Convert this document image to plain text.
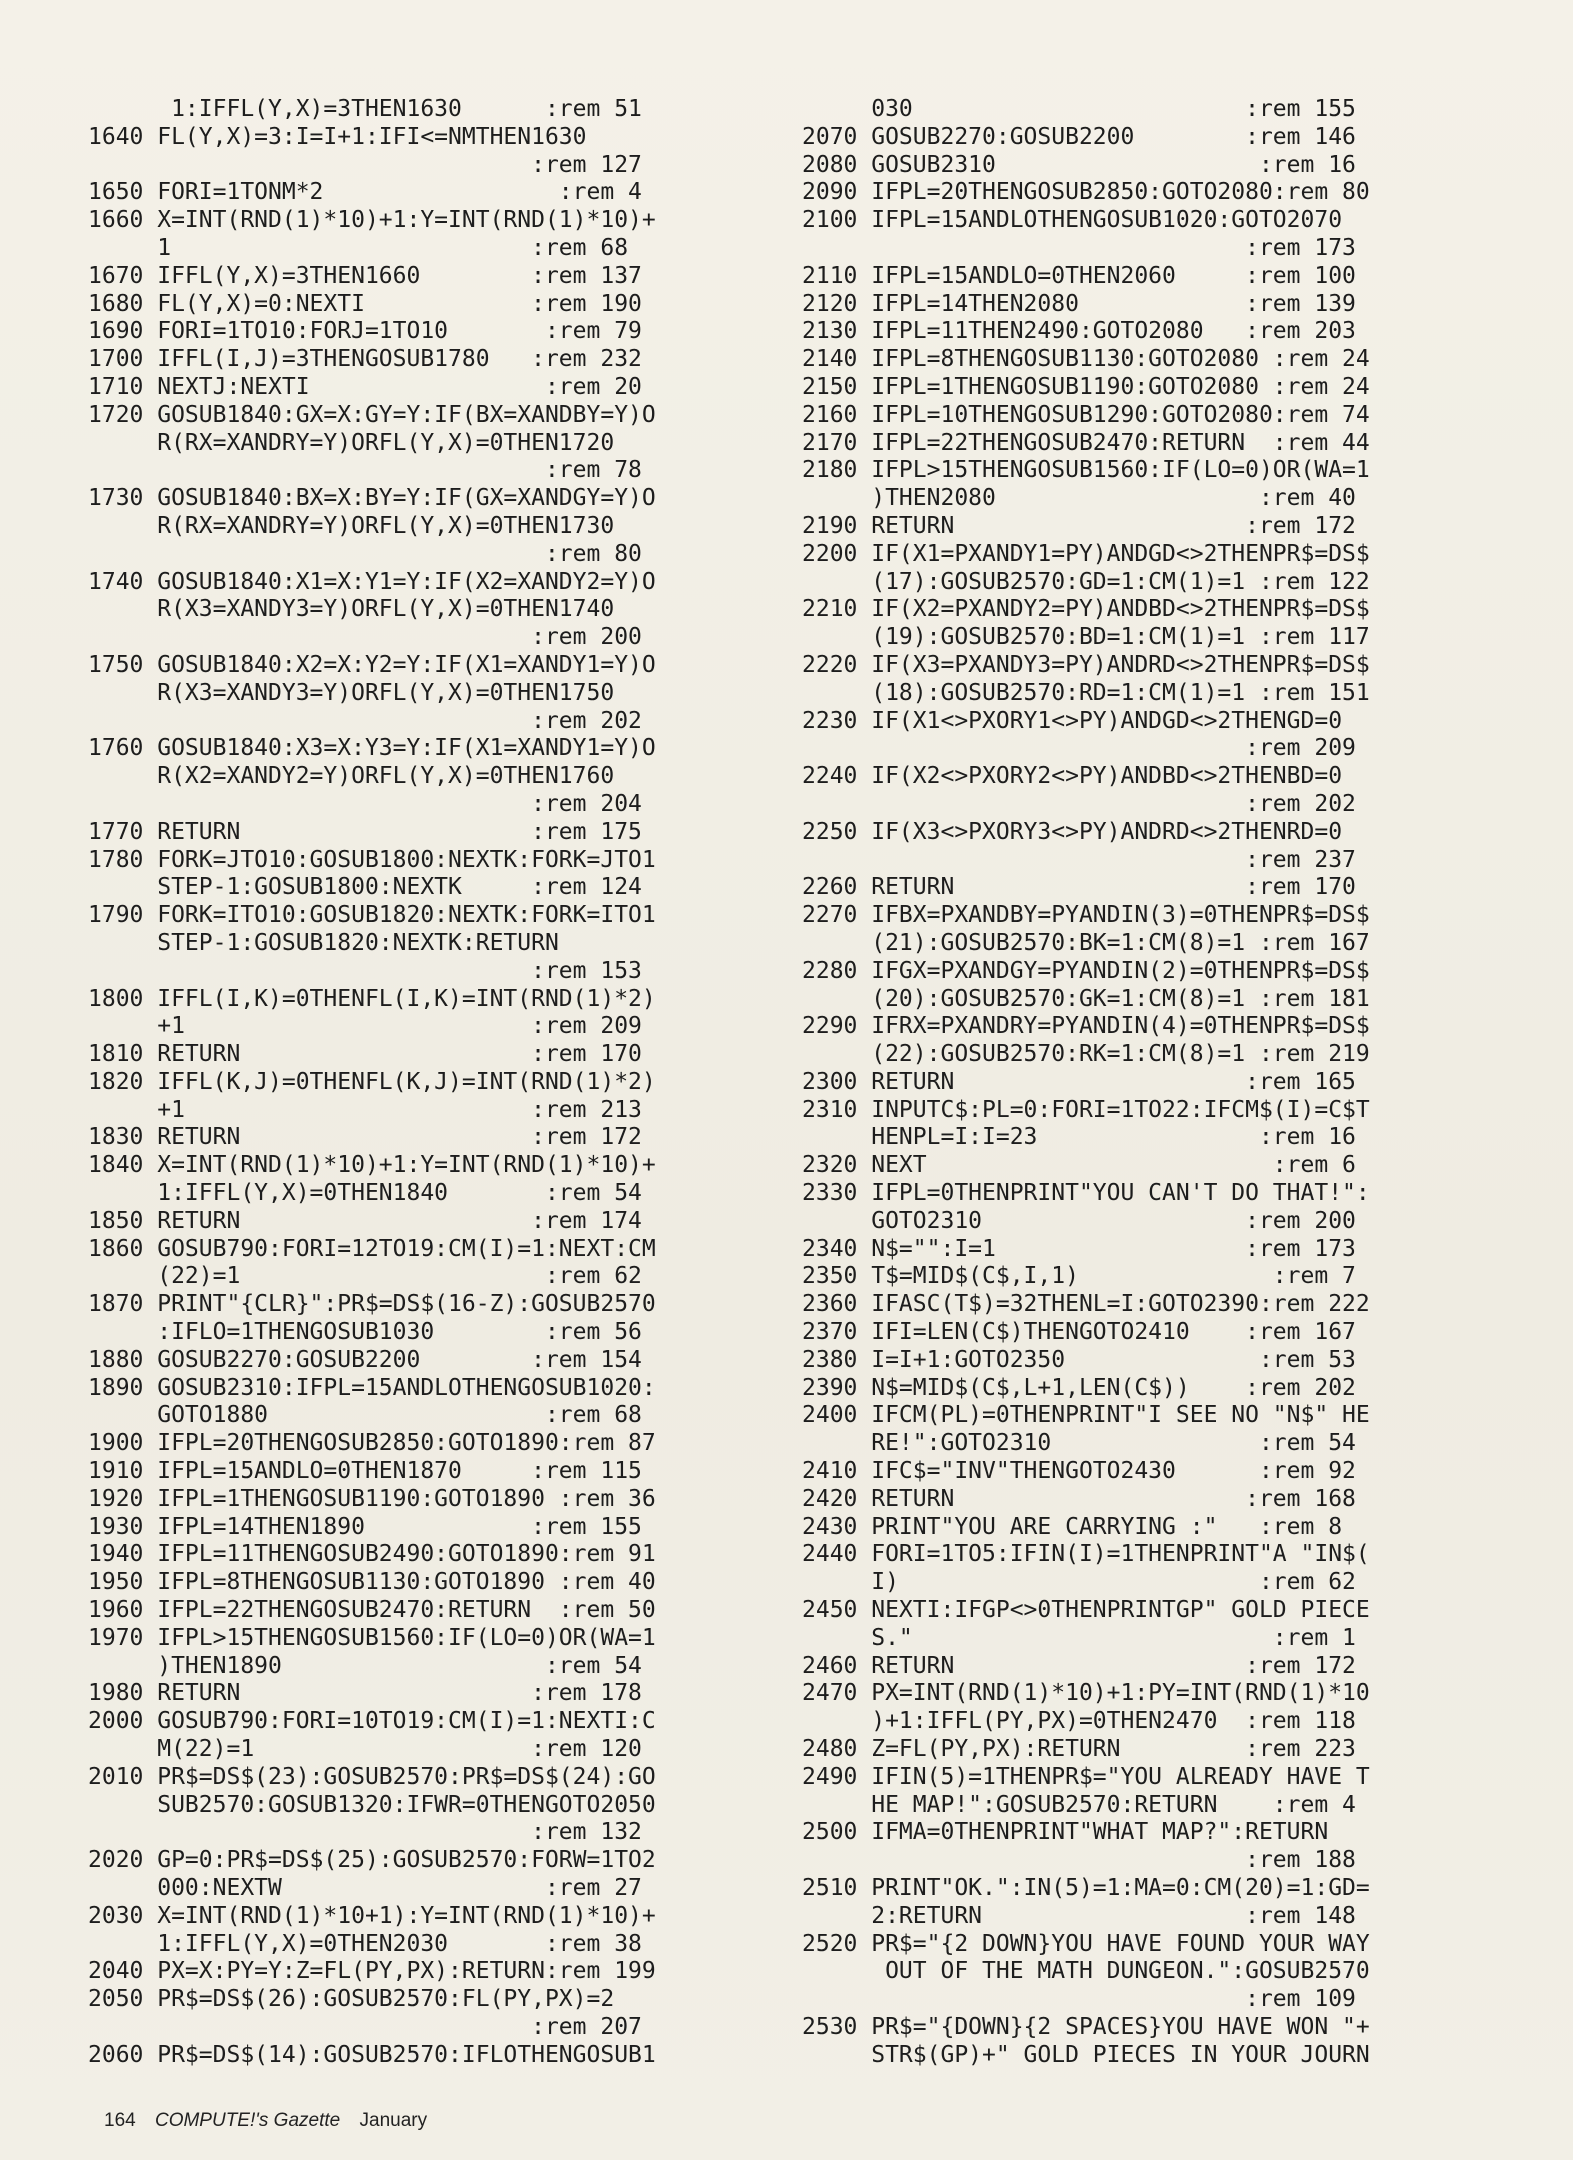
1:IFFL(Y,X)=3THEN1630      :rem 51
1640 FL(Y,X)=3:I=I+1:IFI<=NMTHEN1630
:rem 127
1650 FORI=1TONM*2                 :rem 4
1660 X=INT(RND(1)*10)+1:Y=INT(RND(1)*10)+
1                          :rem 68
1670 IFFL(Y,X)=3THEN1660        :rem 137
1680 FL(Y,X)=0:NEXTI            :rem 190
1690 FORI=1TO10:FORJ=1TO10       :rem 79
1700 IFFL(I,J)=3THENGOSUB1780   :rem 232
1710 NEXTJ:NEXTI                 :rem 20
1720 GOSUB1840:GX=X:GY=Y:IF(BX=XANDBY=Y)O
R(RX=XANDRY=Y)ORFL(Y,X)=0THEN1720
:rem 78
1730 GOSUB1840:BX=X:BY=Y:IF(GX=XANDGY=Y)O
R(RX=XANDRY=Y)ORFL(Y,X)=0THEN1730
:rem 80
1740 GOSUB1840:X1=X:Y1=Y:IF(X2=XANDY2=Y)O
R(X3=XANDY3=Y)ORFL(Y,X)=0THEN1740
:rem 200
1750 GOSUB1840:X2=X:Y2=Y:IF(X1=XANDY1=Y)O
R(X3=XANDY3=Y)ORFL(Y,X)=0THEN1750
:rem 202
1760 GOSUB1840:X3=X:Y3=Y:IF(X1=XANDY1=Y)O
R(X2=XANDY2=Y)ORFL(Y,X)=0THEN1760
:rem 204
1770 RETURN                     :rem 175
1780 FORK=JTO10:GOSUB1800:NEXTK:FORK=JTO1
STEP-1:GOSUB1800:NEXTK     :rem 124
1790 FORK=ITO10:GOSUB1820:NEXTK:FORK=ITO1
STEP-1:GOSUB1820:NEXTK:RETURN
:rem 153
1800 IFFL(I,K)=0THENFL(I,K)=INT(RND(1)*2)
+1                         :rem 209
1810 RETURN                     :rem 170
1820 IFFL(K,J)=0THENFL(K,J)=INT(RND(1)*2)
+1                         :rem 213
1830 RETURN                     :rem 172
1840 X=INT(RND(1)*10)+1:Y=INT(RND(1)*10)+
1:IFFL(Y,X)=0THEN1840       :rem 54
1850 RETURN                     :rem 174
1860 GOSUB790:FORI=12TO19:CM(I)=1:NEXT:CM
(22)=1                      :rem 62
1870 PRINT"{CLR}":PR$=DS$(16-Z):GOSUB2570
:IFLO=1THENGOSUB1030        :rem 56
1880 GOSUB2270:GOSUB2200        :rem 154
1890 GOSUB2310:IFPL=15ANDLOTHENGOSUB1020:
GOTO1880                    :rem 68
1900 IFPL=20THENGOSUB2850:GOTO1890:rem 87
1910 IFPL=15ANDLO=0THEN1870     :rem 115
1920 IFPL=1THENGOSUB1190:GOTO1890 :rem 36
1930 IFPL=14THEN1890            :rem 155
1940 IFPL=11THENGOSUB2490:GOTO1890:rem 91
1950 IFPL=8THENGOSUB1130:GOTO1890 :rem 40
1960 IFPL=22THENGOSUB2470:RETURN  :rem 50
1970 IFPL>15THENGOSUB1560:IF(LO=0)OR(WA=1
)THEN1890                   :rem 54
1980 RETURN                     :rem 178
2000 GOSUB790:FORI=10TO19:CM(I)=1:NEXTI:C
M(22)=1                    :rem 120
2010 PR$=DS$(23):GOSUB2570:PR$=DS$(24):GO
SUB2570:GOSUB1320:IFWR=0THENGOTO2050
:rem 132
2020 GP=0:PR$=DS$(25):GOSUB2570:FORW=1TO2
000:NEXTW                   :rem 27
2030 X=INT(RND(1)*10+1):Y=INT(RND(1)*10)+
1:IFFL(Y,X)=0THEN2030       :rem 38
2040 PX=X:PY=Y:Z=FL(PY,PX):RETURN:rem 199
2050 PR$=DS$(26):GOSUB2570:FL(PY,PX)=2
:rem 207
2060 PR$=DS$(14):GOSUB2570:IFLOTHENGOSUB1
030                        :rem 155
2070 GOSUB2270:GOSUB2200        :rem 146
2080 GOSUB2310                   :rem 16
2090 IFPL=20THENGOSUB2850:GOTO2080:rem 80
2100 IFPL=15ANDLOTHENGOSUB1020:GOTO2070
:rem 173
2110 IFPL=15ANDLO=0THEN2060     :rem 100
2120 IFPL=14THEN2080            :rem 139
2130 IFPL=11THEN2490:GOTO2080   :rem 203
2140 IFPL=8THENGOSUB1130:GOTO2080 :rem 24
2150 IFPL=1THENGOSUB1190:GOTO2080 :rem 24
2160 IFPL=10THENGOSUB1290:GOTO2080:rem 74
2170 IFPL=22THENGOSUB2470:RETURN  :rem 44
2180 IFPL>15THENGOSUB1560:IF(LO=0)OR(WA=1
)THEN2080                   :rem 40
2190 RETURN                     :rem 172
2200 IF(X1=PXANDY1=PY)ANDGD<>2THENPR$=DS$
(17):GOSUB2570:GD=1:CM(1)=1 :rem 122
2210 IF(X2=PXANDY2=PY)ANDBD<>2THENPR$=DS$
(19):GOSUB2570:BD=1:CM(1)=1 :rem 117
2220 IF(X3=PXANDY3=PY)ANDRD<>2THENPR$=DS$
(18):GOSUB2570:RD=1:CM(1)=1 :rem 151
2230 IF(X1<>PXORY1<>PY)ANDGD<>2THENGD=0
:rem 209
2240 IF(X2<>PXORY2<>PY)ANDBD<>2THENBD=0
:rem 202
2250 IF(X3<>PXORY3<>PY)ANDRD<>2THENRD=0
:rem 237
2260 RETURN                     :rem 170
2270 IFBX=PXANDBY=PYANDIN(3)=0THENPR$=DS$
(21):GOSUB2570:BK=1:CM(8)=1 :rem 167
2280 IFGX=PXANDGY=PYANDIN(2)=0THENPR$=DS$
(20):GOSUB2570:GK=1:CM(8)=1 :rem 181
2290 IFRX=PXANDRY=PYANDIN(4)=0THENPR$=DS$
(22):GOSUB2570:RK=1:CM(8)=1 :rem 219
2300 RETURN                     :rem 165
2310 INPUTC$:PL=0:FORI=1TO22:IFCM$(I)=C$T
HENPL=I:I=23                :rem 16
2320 NEXT                         :rem 6
2330 IFPL=0THENPRINT"YOU CAN'T DO THAT!":
GOTO2310                   :rem 200
2340 N$="":I=1                  :rem 173
2350 T$=MID$(C$,I,1)              :rem 7
2360 IFASC(T$)=32THENL=I:GOTO2390:rem 222
2370 IFI=LEN(C$)THENGOTO2410    :rem 167
2380 I=I+1:GOTO2350              :rem 53
2390 N$=MID$(C$,L+1,LEN(C$))    :rem 202
2400 IFCM(PL)=0THENPRINT"I SEE NO "N$" HE
RE!":GOTO2310               :rem 54
2410 IFC$="INV"THENGOTO2430      :rem 92
2420 RETURN                     :rem 168
2430 PRINT"YOU ARE CARRYING :"   :rem 8
2440 FORI=1TO5:IFIN(I)=1THENPRINT"A "IN$(
I)                          :rem 62
2450 NEXTI:IFGP<>0THENPRINTGP" GOLD PIECE
S."                          :rem 1
2460 RETURN                     :rem 172
2470 PX=INT(RND(1)*10)+1:PY=INT(RND(1)*10
)+1:IFFL(PY,PX)=0THEN2470  :rem 118
2480 Z=FL(PY,PX):RETURN         :rem 223
2490 IFIN(5)=1THENPR$="YOU ALREADY HAVE T
HE MAP!":GOSUB2570:RETURN    :rem 4
2500 IFMA=0THENPRINT"WHAT MAP?":RETURN
:rem 188
2510 PRINT"OK.":IN(5)=1:MA=0:CM(20)=1:GD=
2:RETURN                   :rem 148
2520 PR$="{2 DOWN}YOU HAVE FOUND YOUR WAY
OUT OF THE MATH DUNGEON.":GOSUB2570
:rem 109
2530 PR$="{DOWN}{2 SPACES}YOU HAVE WON "+
STR$(GP)+" GOLD PIECES IN YOUR JOURN
164 COMPUTE!'s Gazette January
